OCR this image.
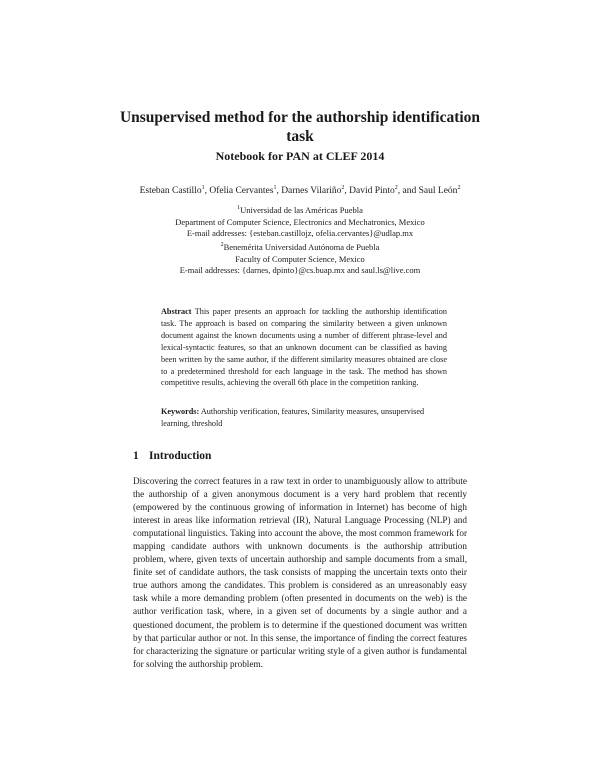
Unsupervised method for the authorship identification
task
Notebook for PAN at CLEF 2014
Esteban Castillo$^1$, Ofelia Cervantes$^1$, Darnes Vilariño$^2$, David Pinto$^2$, and Saul León$^2$
$^1$Universidad de las Américas Puebla
Department of Computer Science, Electronics and Mechatronics, Mexico
E-mail addresses: {esteban.castillojz, ofelia.cervantes}@udlap.mx
$^2$Benemérita Universidad Autónoma de Puebla
Faculty of Computer Science, Mexico
E-mail addresses: {darnes, dpinto}@cs.buap.mx and saul.ls@live.com
Abstract This paper presents an approach for tackling the authorship identification task. The approach is based on comparing the similarity between a given unknown document against the known documents using a number of different phrase-level and lexical-syntactic features, so that an unknown document can be classified as having been written by the same author, if the different similarity measures obtained are close to a predetermined threshold for each language in the task. The method has shown competitive results, achieving the overall 6th place in the competition ranking.
Keywords: Authorship verification, features, Similarity measures, unsupervised learning, threshold
1 Introduction

Discovering the correct features in a raw text in order to unambiguously allow to attribute the authorship of a given anonymous document is a very hard problem that recently (empowered by the continuous growing of information in Internet) has become of high interest in areas like information retrieval (IR), Natural Language Processing (NLP) and computational linguistics. Taking into account the above, the most common framework for mapping candidate authors with unknown documents is the authorship attribution problem, where, given texts of uncertain authorship and sample documents from a small, finite set of candidate authors, the task consists of mapping the uncertain texts onto their true authors among the candidates. This problem is considered as an unreasonably easy task while a more demanding problem (often presented in documents on the web) is the author verification task, where, in a given set of documents by a single author and a questioned document, the problem is to determine if the questioned document was written by that particular author or not. In this sense, the importance of finding the correct features for characterizing the signature or particular writing style of a given author is fundamental for solving the authorship problem.
